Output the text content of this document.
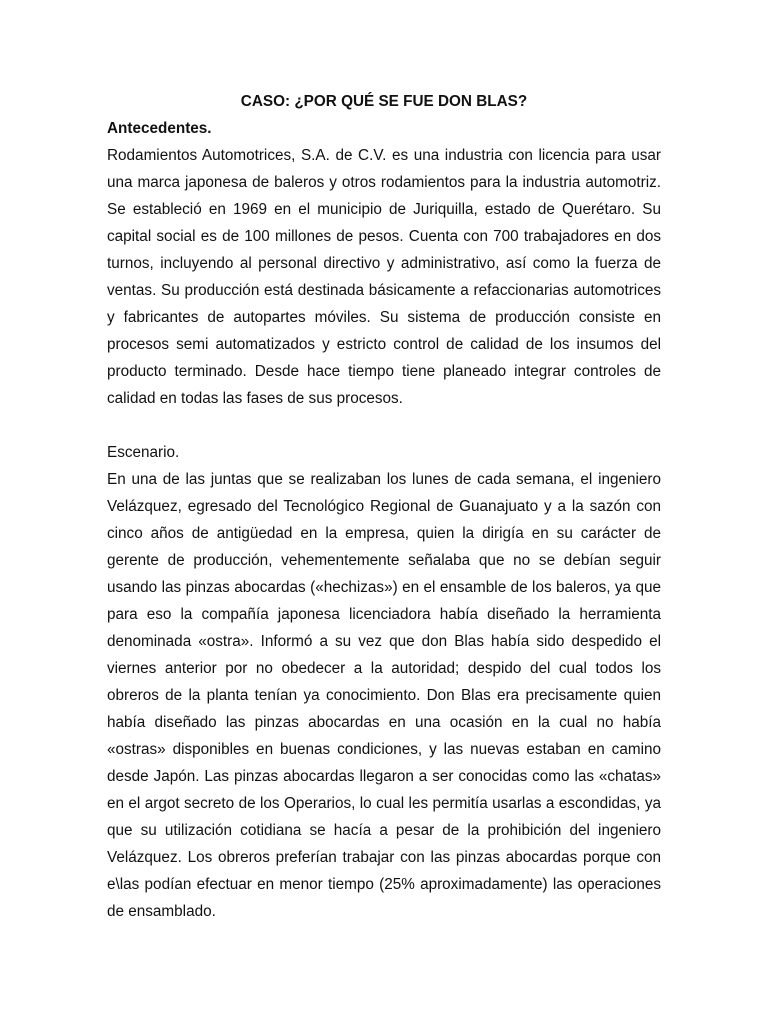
CASO: ¿POR QUÉ SE FUE DON BLAS?

Antecedentes.

Rodamientos Automotrices, S.A. de C.V. es una industria con licencia para usar una marca japonesa de baleros y otros rodamientos para la industria automotriz. Se estableció en 1969 en el municipio de Juriquilla, estado de Querétaro. Su capital social es de 100 millones de pesos. Cuenta con 700 trabajadores en dos turnos, incluyendo al personal directivo y administrativo, así como la fuerza de ventas. Su producción está destinada básicamente a refaccionarias automotrices y fabricantes de autopartes móviles. Su sistema de producción consiste en procesos semi automatizados y estricto control de calidad de los insumos del producto terminado. Desde hace tiempo tiene planeado integrar controles de calidad en todas las fases de sus procesos.

Escenario.

En una de las juntas que se realizaban los lunes de cada semana, el ingeniero Velázquez, egresado del Tecnológico Regional de Guanajuato y a la sazón con cinco años de antigüedad en la empresa, quien la dirigía en su carácter de gerente de producción, vehementemente señalaba que no se debían seguir usando las pinzas abocardas («hechizas») en el ensamble de los baleros, ya que para eso la compañía japonesa licenciadora había diseñado la herramienta denominada «ostra». Informó a su vez que don Blas había sido despedido el viernes anterior por no obedecer a la autoridad; despido del cual todos los obreros de la planta tenían ya conocimiento. Don Blas era precisamente quien había diseñado las pinzas abocardas en una ocasión en la cual no había «ostras» disponibles en buenas condiciones, y las nuevas estaban en camino desde Japón. Las pinzas abocardas llegaron a ser conocidas como las «chatas» en el argot secreto de los Operarios, lo cual les permitía usarlas a escondidas, ya que su utilización cotidiana se hacía a pesar de la prohibición del ingeniero Velázquez. Los obreros preferían trabajar con las pinzas abocardas porque con e\las podían efectuar en menor tiempo (25% aproximadamente) las operaciones de ensamblado.
